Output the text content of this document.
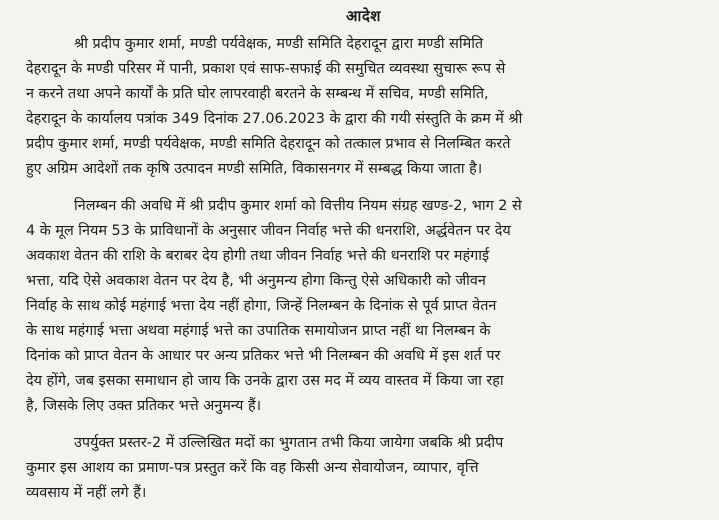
आदेश

श्री प्रदीप कुमार शर्मा, मण्डी पर्यवेक्षक, मण्डी समिति देहरादून द्वारा मण्डी समिति
देहरादून के मण्डी परिसर में पानी, प्रकाश एवं साफ-सफाई की समुचित व्यवस्था सुचारू रूप से
न करने तथा अपने कार्यों के प्रति घोर लापरवाही बरतने के सम्बन्ध में सचिव, मण्डी समिति,
देहरादून के कार्यालय पत्रांक 349 दिनांक 27.06.2023 के द्वारा की गयी संस्तुति के क्रम में श्री
प्रदीप कुमार शर्मा, मण्डी पर्यवेक्षक, मण्डी समिति देहरादून को तत्काल प्रभाव से निलम्बित करते
हुए अग्रिम आदेशों तक कृषि उत्पादन मण्डी समिति, विकासनगर में सम्बद्ध किया जाता है।

निलम्बन की अवधि में श्री प्रदीप कुमार शर्मा को वित्तीय नियम संग्रह खण्ड-2, भाग 2 से
4 के मूल नियम 53 के प्राविधानों के अनुसार जीवन निर्वाह भत्ते की धनराशि, अर्द्धवेतन पर देय
अवकाश वेतन की राशि के बराबर देय होगी तथा जीवन निर्वाह भत्ते की धनराशि पर महंगाई
भत्ता, यदि ऐसे अवकाश वेतन पर देय है, भी अनुमन्य होगा किन्तु ऐसे अधिकारी को जीवन
निर्वाह के साथ कोई महंगाई भत्ता देय नहीं होगा, जिन्हें निलम्बन के दिनांक से पूर्व प्राप्त वेतन
के साथ महंगाई भत्ता अथवा महंगाई भत्ते का उपातिक समायोजन प्राप्त नहीं था निलम्बन के
दिनांक को प्राप्त वेतन के आधार पर अन्य प्रतिकर भत्ते भी निलम्बन की अवधि में इस शर्त पर
देय होंगे, जब इसका समाधान हो जाय कि उनके द्वारा उस मद में व्यय वास्तव में किया जा रहा
है, जिसके लिए उक्त प्रतिकर भत्ते अनुमन्य हैं।

उपर्युक्त प्रस्तर-2 में उल्लिखित मदों का भुगतान तभी किया जायेगा जबकि श्री प्रदीप
कुमार इस आशय का प्रमाण-पत्र प्रस्तुत करें कि वह किसी अन्य सेवायोजन, व्यापार, वृत्ति
व्यवसाय में नहीं लगे हैं।
